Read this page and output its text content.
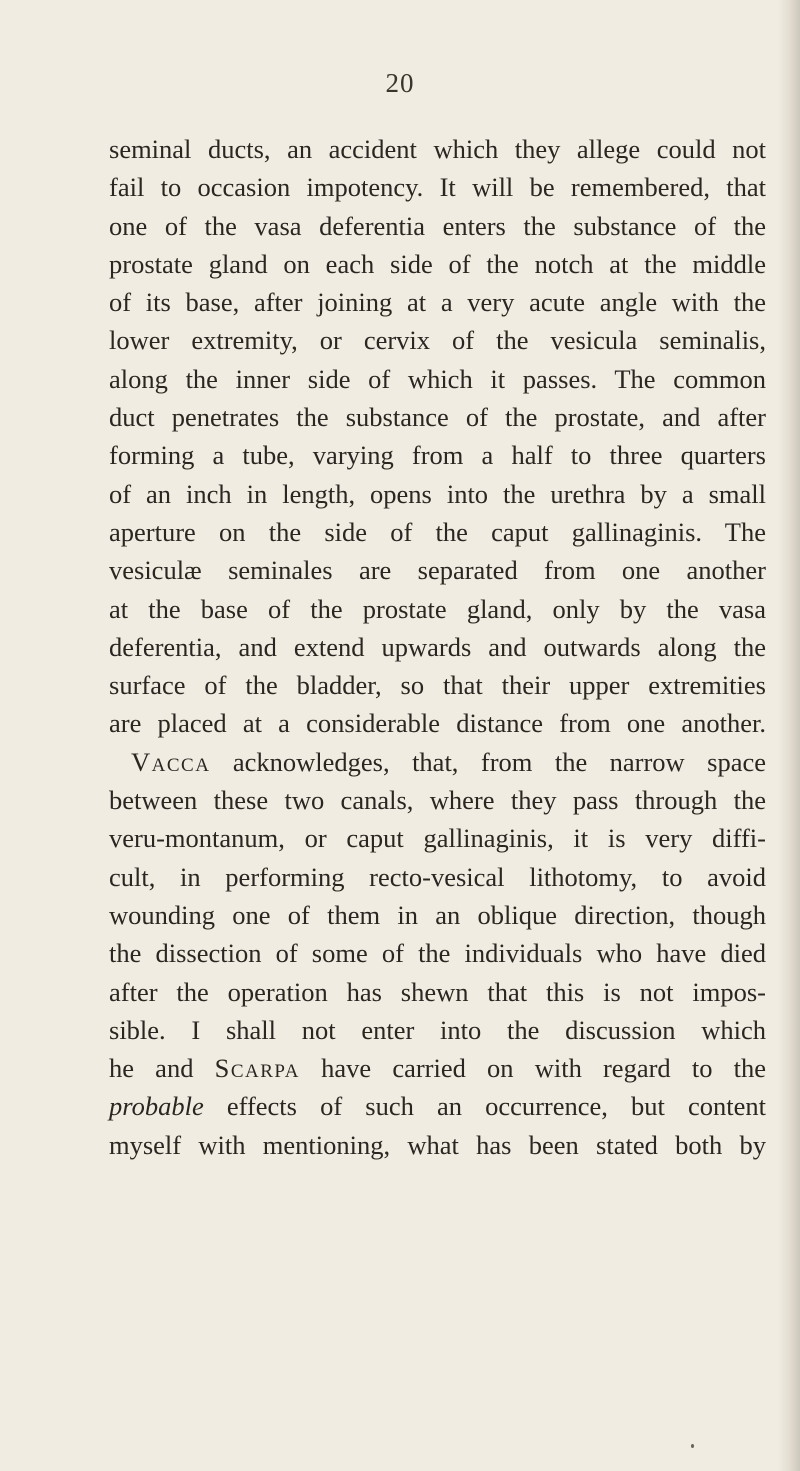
20
seminal ducts, an accident which they allege could not
fail to occasion impotency. It will be remembered, that
one of the vasa deferentia enters the substance of the
prostate gland on each side of the notch at the middle
of its base, after joining at a very acute angle with the
lower extremity, or cervix of the vesicula seminalis,
along the inner side of which it passes. The common
duct penetrates the substance of the prostate, and after
forming a tube, varying from a half to three quarters
of an inch in length, opens into the urethra by a small
aperture on the side of the caput gallinaginis. The
vesiculæ seminales are separated from one another
at the base of the prostate gland, only by the vasa
deferentia, and extend upwards and outwards along the
surface of the bladder, so that their upper extremities
are placed at a considerable distance from one another.
Vacca acknowledges, that, from the narrow space
between these two canals, where they pass through the
veru-montanum, or caput gallinaginis, it is very diffi-
cult, in performing recto-vesical lithotomy, to avoid
wounding one of them in an oblique direction, though
the dissection of some of the individuals who have died
after the operation has shewn that this is not impos-
sible. I shall not enter into the discussion which
he and Scarpa have carried on with regard to the
probable effects of such an occurrence, but content
myself with mentioning, what has been stated both by
